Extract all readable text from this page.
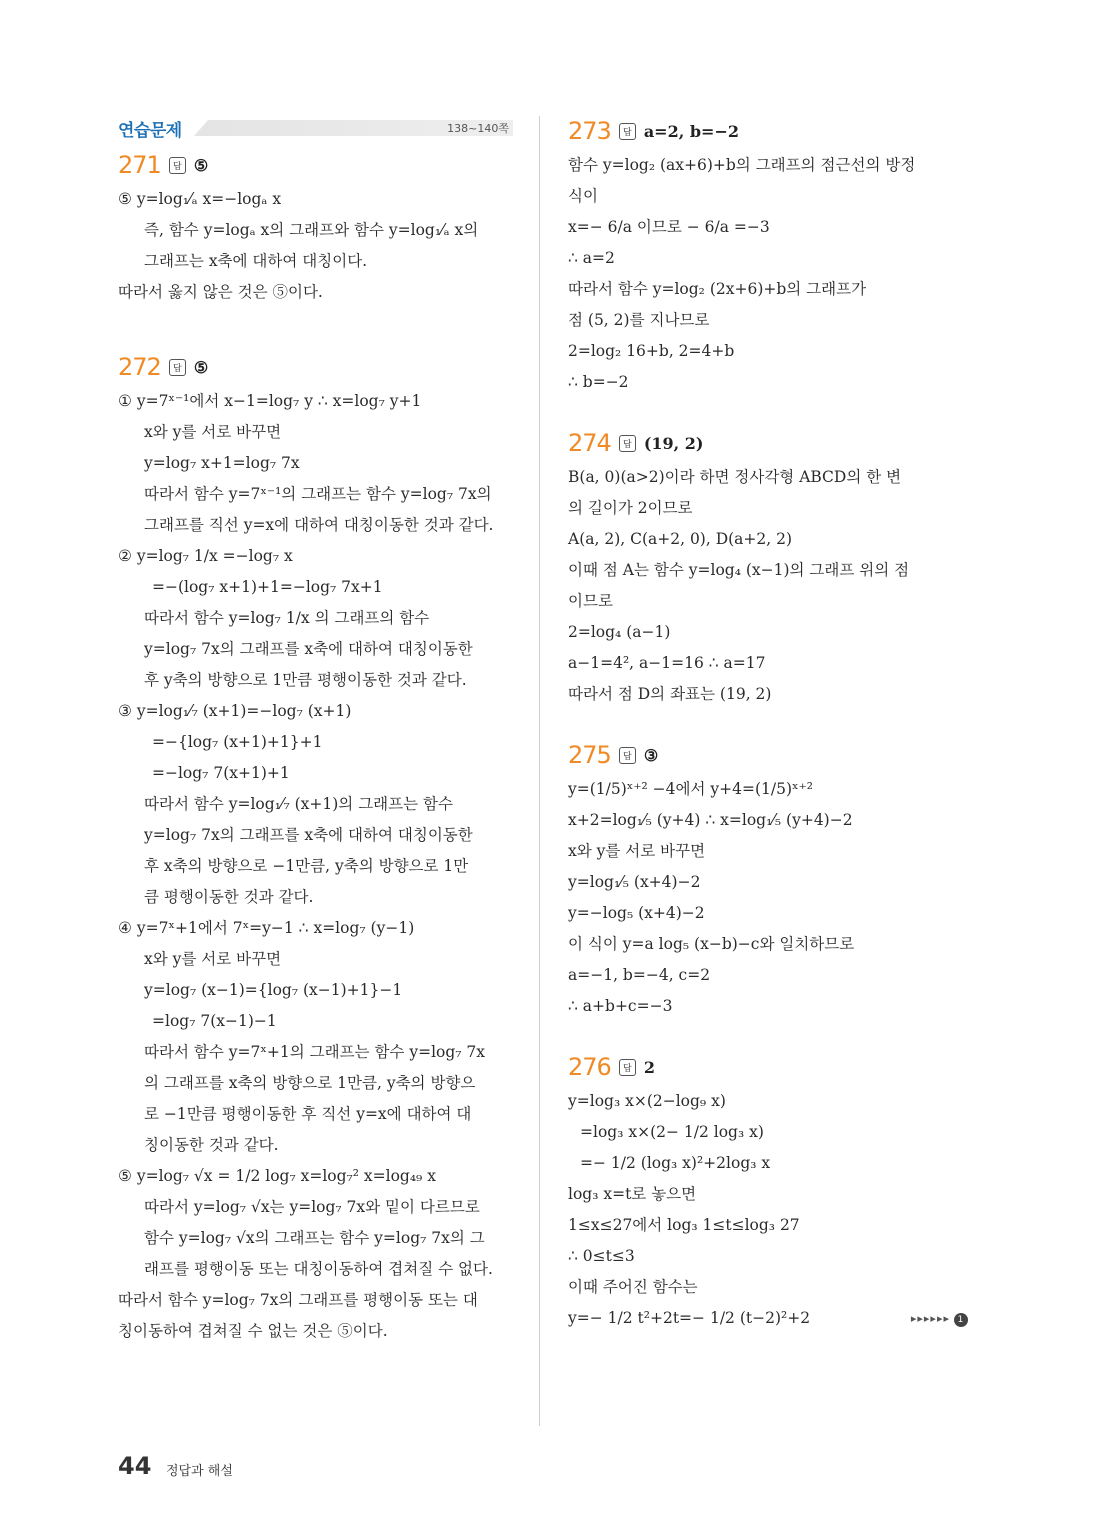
연습문제	138~140쪽
271	답 ⑤
⑤ y=log₁⁄ₐ x=−logₐ x
즉, 함수 y=logₐ x의 그래프와 함수 y=log₁⁄ₐ x의
그래프는 x축에 대하여 대칭이다.
따라서 옳지 않은 것은 ⑤이다.
272	답 ⑤
① y=7ˣ⁻¹에서 x−1=log₇ y ∴ x=log₇ y+1
x와 y를 서로 바꾸면
y=log₇ x+1=log₇ 7x
따라서 함수 y=7ˣ⁻¹의 그래프는 함수 y=log₇ 7x의
그래프를 직선 y=x에 대하여 대칭이동한 것과 같다.
② y=log₇ 1/x =−log₇ x
=−(log₇ x+1)+1=−log₇ 7x+1
따라서 함수 y=log₇ 1/x 의 그래프의 함수
y=log₇ 7x의 그래프를 x축에 대하여 대칭이동한
후 y축의 방향으로 1만큼 평행이동한 것과 같다.
③ y=log₁⁄₇ (x+1)=−log₇ (x+1)
=−{log₇ (x+1)+1}+1
=−log₇ 7(x+1)+1
따라서 함수 y=log₁⁄₇ (x+1)의 그래프는 함수
y=log₇ 7x의 그래프를 x축에 대하여 대칭이동한
후 x축의 방향으로 −1만큼, y축의 방향으로 1만
큼 평행이동한 것과 같다.
④ y=7ˣ+1에서 7ˣ=y−1 ∴ x=log₇ (y−1)
x와 y를 서로 바꾸면
y=log₇ (x−1)={log₇ (x−1)+1}−1
=log₇ 7(x−1)−1
따라서 함수 y=7ˣ+1의 그래프는 함수 y=log₇ 7x
의 그래프를 x축의 방향으로 1만큼, y축의 방향으
로 −1만큼 평행이동한 후 직선 y=x에 대하여 대
칭이동한 것과 같다.
⑤ y=log₇ √x = 1/2 log₇ x=log₇² x=log₄₉ x
따라서 y=log₇ √x는 y=log₇ 7x와 밑이 다르므로
함수 y=log₇ √x의 그래프는 함수 y=log₇ 7x의 그
래프를 평행이동 또는 대칭이동하여 겹쳐질 수 없다.
따라서 함수 y=log₇ 7x의 그래프를 평행이동 또는 대
칭이동하여 겹쳐질 수 없는 것은 ⑤이다.
273	답 a=2, b=−2
함수 y=log₂ (ax+6)+b의 그래프의 점근선의 방정
식이
x=− 6/a 이므로 − 6/a =−3
∴ a=2
따라서 함수 y=log₂ (2x+6)+b의 그래프가
점 (5, 2)를 지나므로
2=log₂ 16+b, 2=4+b
∴ b=−2
274	답 (19, 2)
B(a, 0)(a>2)이라 하면 정사각형 ABCD의 한 변
의 길이가 2이므로
A(a, 2), C(a+2, 0), D(a+2, 2)
이때 점 A는 함수 y=log₄ (x−1)의 그래프 위의 점
이므로
2=log₄ (a−1)
a−1=4², a−1=16 ∴ a=17
따라서 점 D의 좌표는 (19, 2)
275	답 ③
y=(1/5)ˣ⁺² −4에서 y+4=(1/5)ˣ⁺²
x+2=log₁⁄₅ (y+4) ∴ x=log₁⁄₅ (y+4)−2
x와 y를 서로 바꾸면
y=log₁⁄₅ (x+4)−2
y=−log₅ (x+4)−2
이 식이 y=a log₅ (x−b)−c와 일치하므로
a=−1, b=−4, c=2
∴ a+b+c=−3
276	답 2
y=log₃ x×(2−log₉ x)
=log₃ x×(2− 1/2 log₃ x)
=− 1/2 (log₃ x)²+2log₃ x
log₃ x=t로 놓으면
1≤x≤27에서 log₃ 1≤t≤log₃ 27
∴ 0≤t≤3
이때 주어진 함수는
y=− 1/2 t²+2t=− 1/2 (t−2)²+2	▸▸▸▸▸▸ 1
44 정답과 해설
